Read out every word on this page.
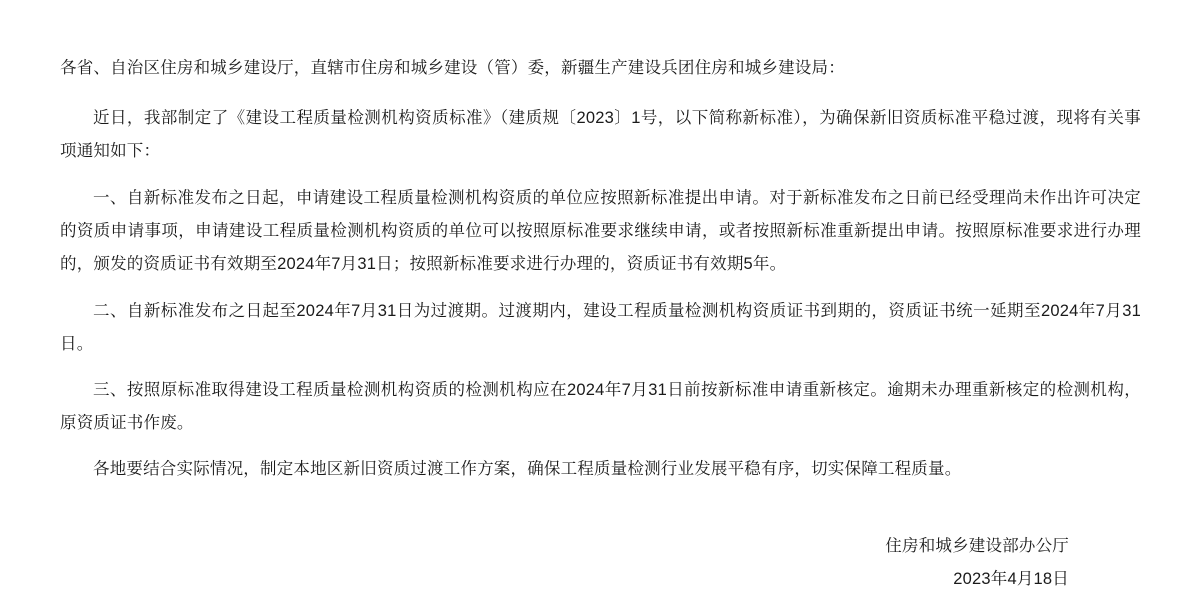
各省、自治区住房和城乡建设厅，直辖市住房和城乡建设（管）委，新疆生产建设兵团住房和城乡建设局：

近日，我部制定了《建设工程质量检测机构资质标准》（建质规〔2023〕1号，以下简称新标准），为确保新旧资质标准平稳过渡，现将有关事项通知如下：

一、自新标准发布之日起，申请建设工程质量检测机构资质的单位应按照新标准提出申请。对于新标准发布之日前已经受理尚未作出许可决定的资质申请事项，申请建设工程质量检测机构资质的单位可以按照原标准要求继续申请，或者按照新标准重新提出申请。按照原标准要求进行办理的，颁发的资质证书有效期至2024年7月31日；按照新标准要求进行办理的，资质证书有效期5年。

二、自新标准发布之日起至2024年7月31日为过渡期。过渡期内，建设工程质量检测机构资质证书到期的，资质证书统一延期至2024年7月31日。

三、按照原标准取得建设工程质量检测机构资质的检测机构应在2024年7月31日前按新标准申请重新核定。逾期未办理重新核定的检测机构，原资质证书作废。

各地要结合实际情况，制定本地区新旧资质过渡工作方案，确保工程质量检测行业发展平稳有序，切实保障工程质量。

住房和城乡建设部办公厅
2023年4月18日
